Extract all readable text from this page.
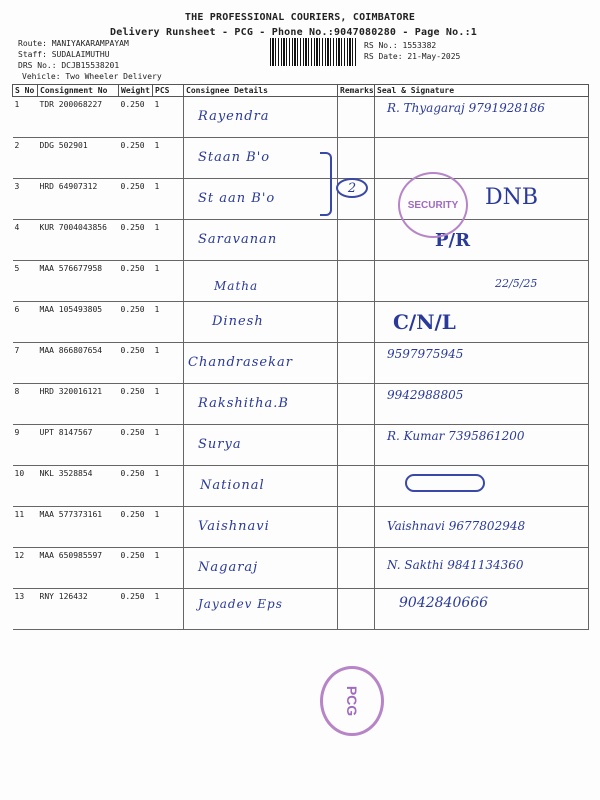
THE PROFESSIONAL COURIERS, COIMBATORE
Delivery Runsheet - PCG - Phone No.:9047080280 - Page No.:1
Route: MANIYAKARAMPAYAM
Staff: SUDALAIMUTHU
DRS No.: DCJB15538201
Vehicle: Two Wheeler Delivery
RS No.: 1553382
RS Date: 21-May-2025
S No	Consignment No	Weight	PCS	Consignee Details	Remarks	Seal & Signature
1	TDR 200068227	0.250	1	Rayendra		R. Thyagaraj 9791928186

2	DDG 502901	0.250	1	Staan B'o		

3	HRD 64907312	0.250	1	St aan B'o		DNB

4	KUR 7004043856	0.250	1	Saravanan		P/R

5	MAA 576677958	0.250	1	Matha		22/5/25

6	MAA 105493805	0.250	1	Dinesh		C/N/L

7	MAA 866807654	0.250	1	Chandrasekar		9597975945

8	HRD 320016121	0.250	1	Rakshitha.B		9942988805

9	UPT 8147567	0.250	1	Surya		R. Kumar 7395861200

10	NKL 3528854	0.250	1	National		

11	MAA 577373161	0.250	1	Vaishnavi		Vaishnavi 9677802948

12	MAA 650985597	0.250	1	Nagaraj		N. Sakthi 9841134360

13	RNY 126432	0.250	1	Jayadev Eps		9042840666
2
SECURITY
PCG
